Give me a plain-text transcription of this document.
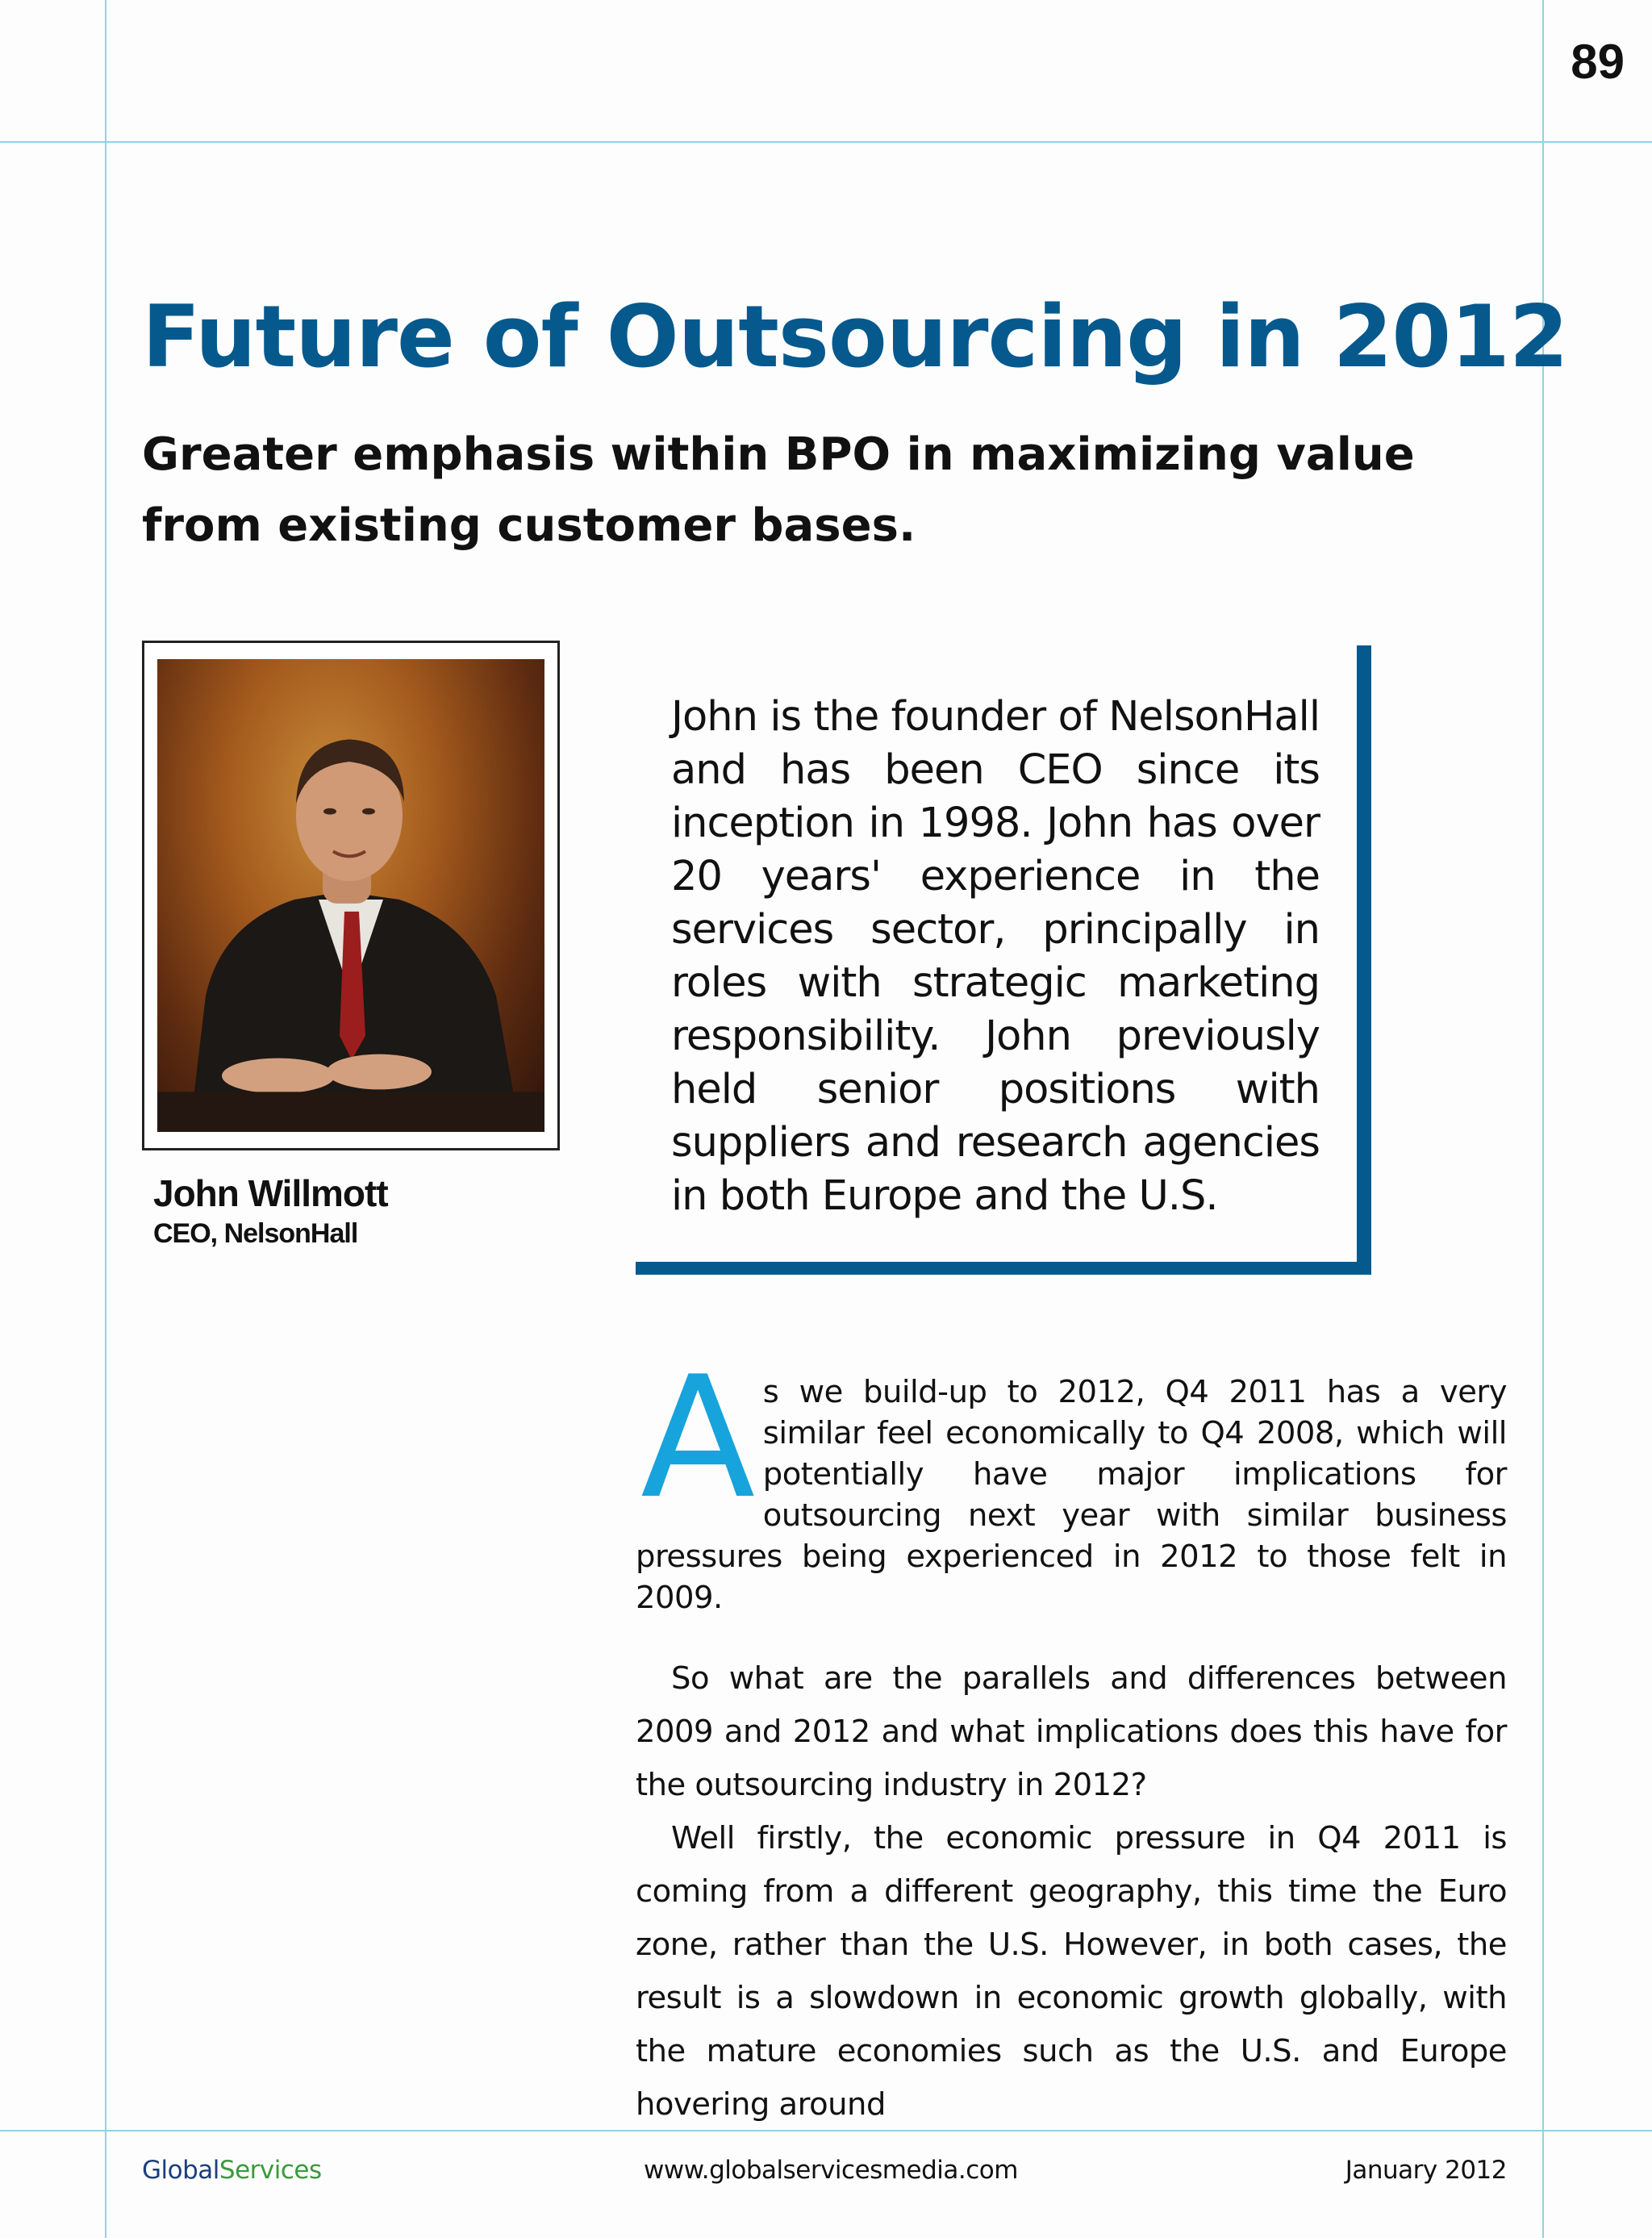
89
Future of Outsourcing in 2012

Greater emphasis within BPO in maximizing value from existing customer bases.

John Willmott
CEO, NelsonHall

John is the founder of NelsonHall and has been CEO since its inception in 1998. John has over 20 years' experience in the services sector, principally in roles with strategic marketing responsibility. John previously held senior positions with suppliers and research agencies in both Europe and the U.S.

As we build-up to 2012, Q4 2011 has a very similar feel economically to Q4 2008, which will potentially have major implications for outsourcing next year with similar business pressures being experienced in 2012 to those felt in 2009.

So what are the parallels and differences between 2009 and 2012 and what implications does this have for the outsourcing industry in 2012?

Well firstly, the economic pressure in Q4 2011 is coming from a different geography, this time the Euro zone, rather than the U.S. However, in both cases, the result is a slowdown in economic growth globally, with the mature economies such as the U.S. and Europe hovering around

GlobalServices	www.globalservicesmedia.com	January 2012
